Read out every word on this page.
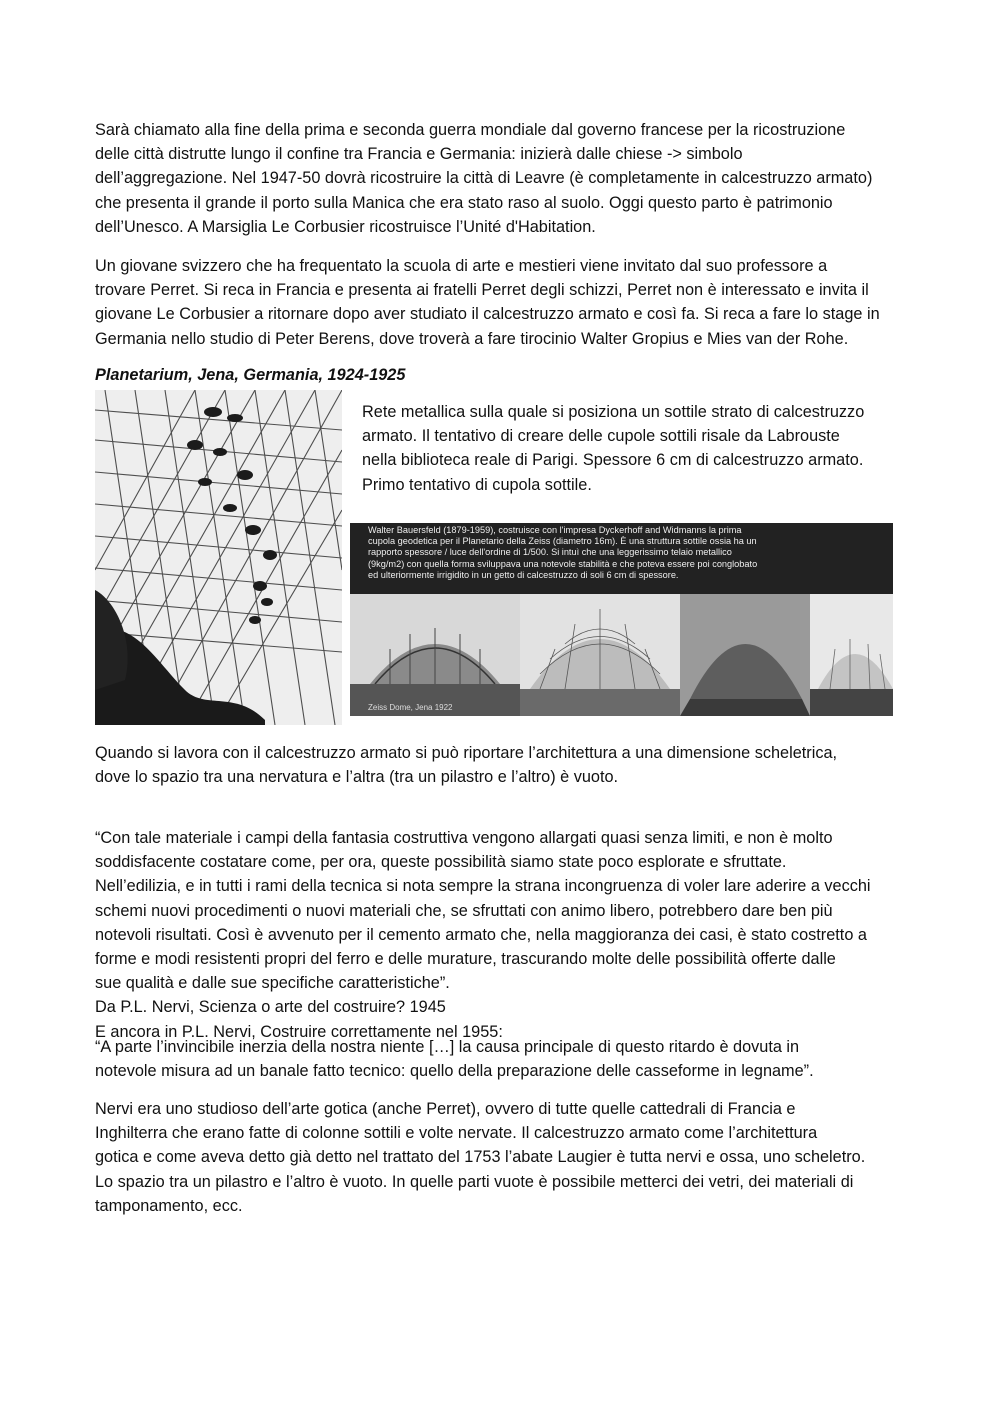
Sarà chiamato alla fine della prima e seconda guerra mondiale dal governo francese per la ricostruzione
delle città distrutte lungo il confine tra Francia e Germania: inizierà dalle chiese -> simbolo
dell’aggregazione. Nel 1947-50 dovrà ricostruire la città di Leavre (è completamente in calcestruzzo armato)
che presenta il grande il porto sulla Manica che era stato raso al suolo. Oggi questo parto è patrimonio
dell’Unesco. A Marsiglia Le Corbusier ricostruisce l’Unité d'Habitation.

Un giovane svizzero che ha frequentato la scuola di arte e mestieri viene invitato dal suo professore a
trovare Perret. Si reca in Francia e presenta ai fratelli Perret degli schizzi, Perret non è interessato e invita il
giovane Le Corbusier a ritornare dopo aver studiato il calcestruzzo armato e così fa. Si reca a fare lo stage in
Germania nello studio di Peter Berens, dove troverà a fare tirocinio Walter Gropius e Mies van der Rohe.

Planetarium, Jena, Germania, 1924-1925

Rete metallica sulla quale si posiziona un sottile strato di calcestruzzo
armato. Il tentativo di creare delle cupole sottili risale da Labrouste
nella biblioteca reale di Parigi. Spessore 6 cm di calcestruzzo armato.
Primo tentativo di cupola sottile.

Walter Bauersfeld (1879-1959), costruisce con l'impresa Dyckerhoff and Widmanns la prima
cupola geodetica per il Planetario della Zeiss (diametro 16m). È una struttura sottile ossia ha un
rapporto spessore / luce dell'ordine di 1/500. Si intuì che una leggerissimo telaio metallico
(9kg/m2) con quella forma sviluppava una notevole stabilità e che poteva essere poi conglobato
ed ulteriormente irrigidito in un getto di calcestruzzo di soli 6 cm di spessore.
Zeiss Dome, Jena 1922

Quando si lavora con il calcestruzzo armato si può riportare l’architettura a una dimensione scheletrica,
dove lo spazio tra una nervatura e l’altra (tra un pilastro e l’altro) è vuoto.

“Con tale materiale i campi della fantasia costruttiva vengono allargati quasi senza limiti, e non è molto
soddisfacente costatare come, per ora, queste possibilità siamo state poco esplorate e sfruttate.
Nell’edilizia, e in tutti i rami della tecnica si nota sempre la strana incongruenza di voler lare aderire a vecchi
schemi nuovi procedimenti o nuovi materiali che, se sfruttati con animo libero, potrebbero dare ben più
notevoli risultati. Così è avvenuto per il cemento armato che, nella maggioranza dei casi, è stato costretto a
forme e modi resistenti propri del ferro e delle murature, trascurando molte delle possibilità offerte dalle
sue qualità e dalle sue specifiche caratteristiche”.
Da P.L. Nervi, Scienza o arte del costruire? 1945
E ancora in P.L. Nervi, Costruire correttamente nel 1955:

“A parte l’invincibile inerzia della nostra niente […] la causa principale di questo ritardo è dovuta in
notevole misura ad un banale fatto tecnico: quello della preparazione delle casseforme in legname”.

Nervi era uno studioso dell’arte gotica (anche Perret), ovvero di tutte quelle cattedrali di Francia e
Inghilterra che erano fatte di colonne sottili e volte nervate. Il calcestruzzo armato come l’architettura
gotica e come aveva detto già detto nel trattato del 1753 l’abate Laugier è tutta nervi e ossa, uno scheletro.
Lo spazio tra un pilastro e l’altro è vuoto. In quelle parti vuote è possibile metterci dei vetri, dei materiali di
tamponamento, ecc.
